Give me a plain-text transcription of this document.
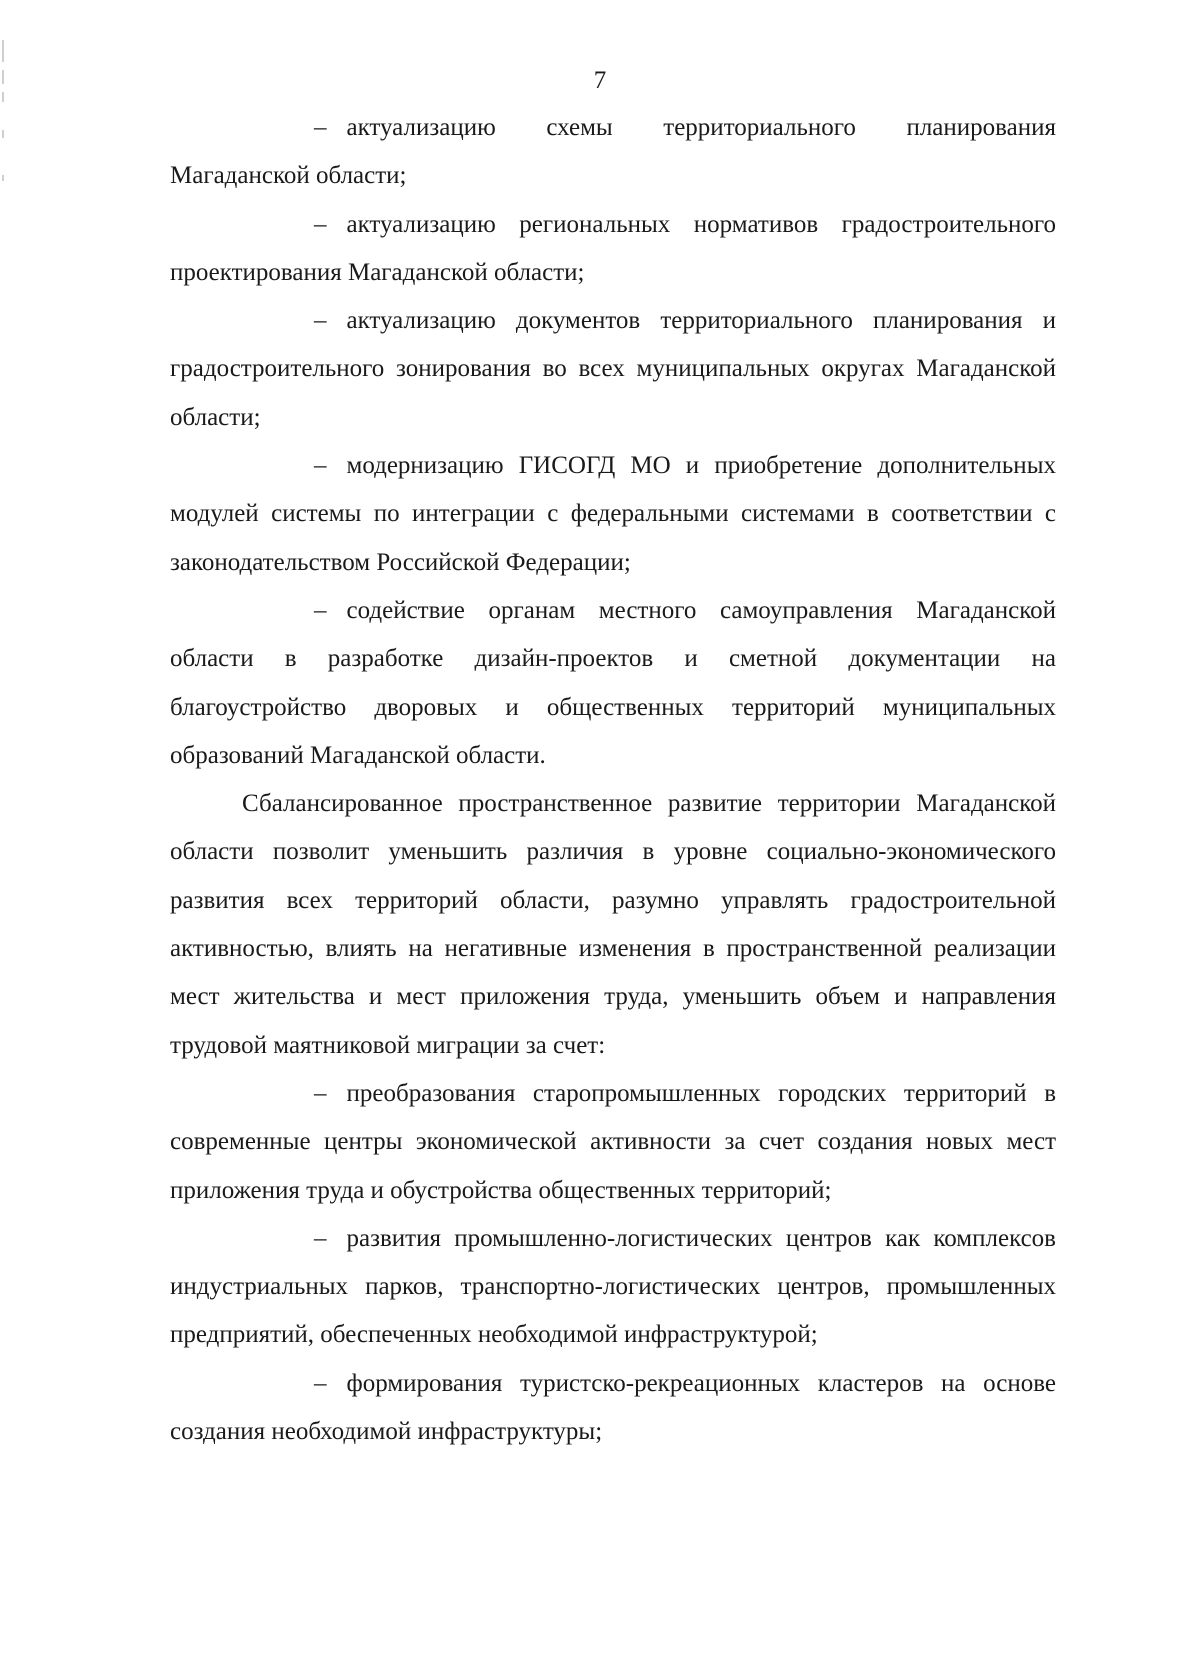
7

– актуализацию схемы территориального планирования Магаданской области;

– актуализацию региональных нормативов градостроительного проектирования Магаданской области;

– актуализацию документов территориального планирования и градостроительного зонирования во всех муниципальных округах Магаданской области;

– модернизацию ГИСОГД МО и приобретение дополнительных модулей системы по интеграции с федеральными системами в соответствии с законодательством Российской Федерации;

– содействие органам местного самоуправления Магаданской области в разработке дизайн-проектов и сметной документации на благоустройство дворовых и общественных территорий муниципальных образований Магаданской области.

Сбалансированное пространственное развитие территории Магаданской области позволит уменьшить различия в уровне социально-экономического развития всех территорий области, разумно управлять градостроительной активностью, влиять на негативные изменения в пространственной реализации мест жительства и мест приложения труда, уменьшить объем и направления трудовой маятниковой миграции за счет:

– преобразования старопромышленных городских территорий в современные центры экономической активности за счет создания новых мест приложения труда и обустройства общественных территорий;

– развития промышленно-логистических центров как комплексов индустриальных парков, транспортно-логистических центров, промышленных предприятий, обеспеченных необходимой инфраструктурой;

– формирования туристско-рекреационных кластеров на основе создания необходимой инфраструктуры;
